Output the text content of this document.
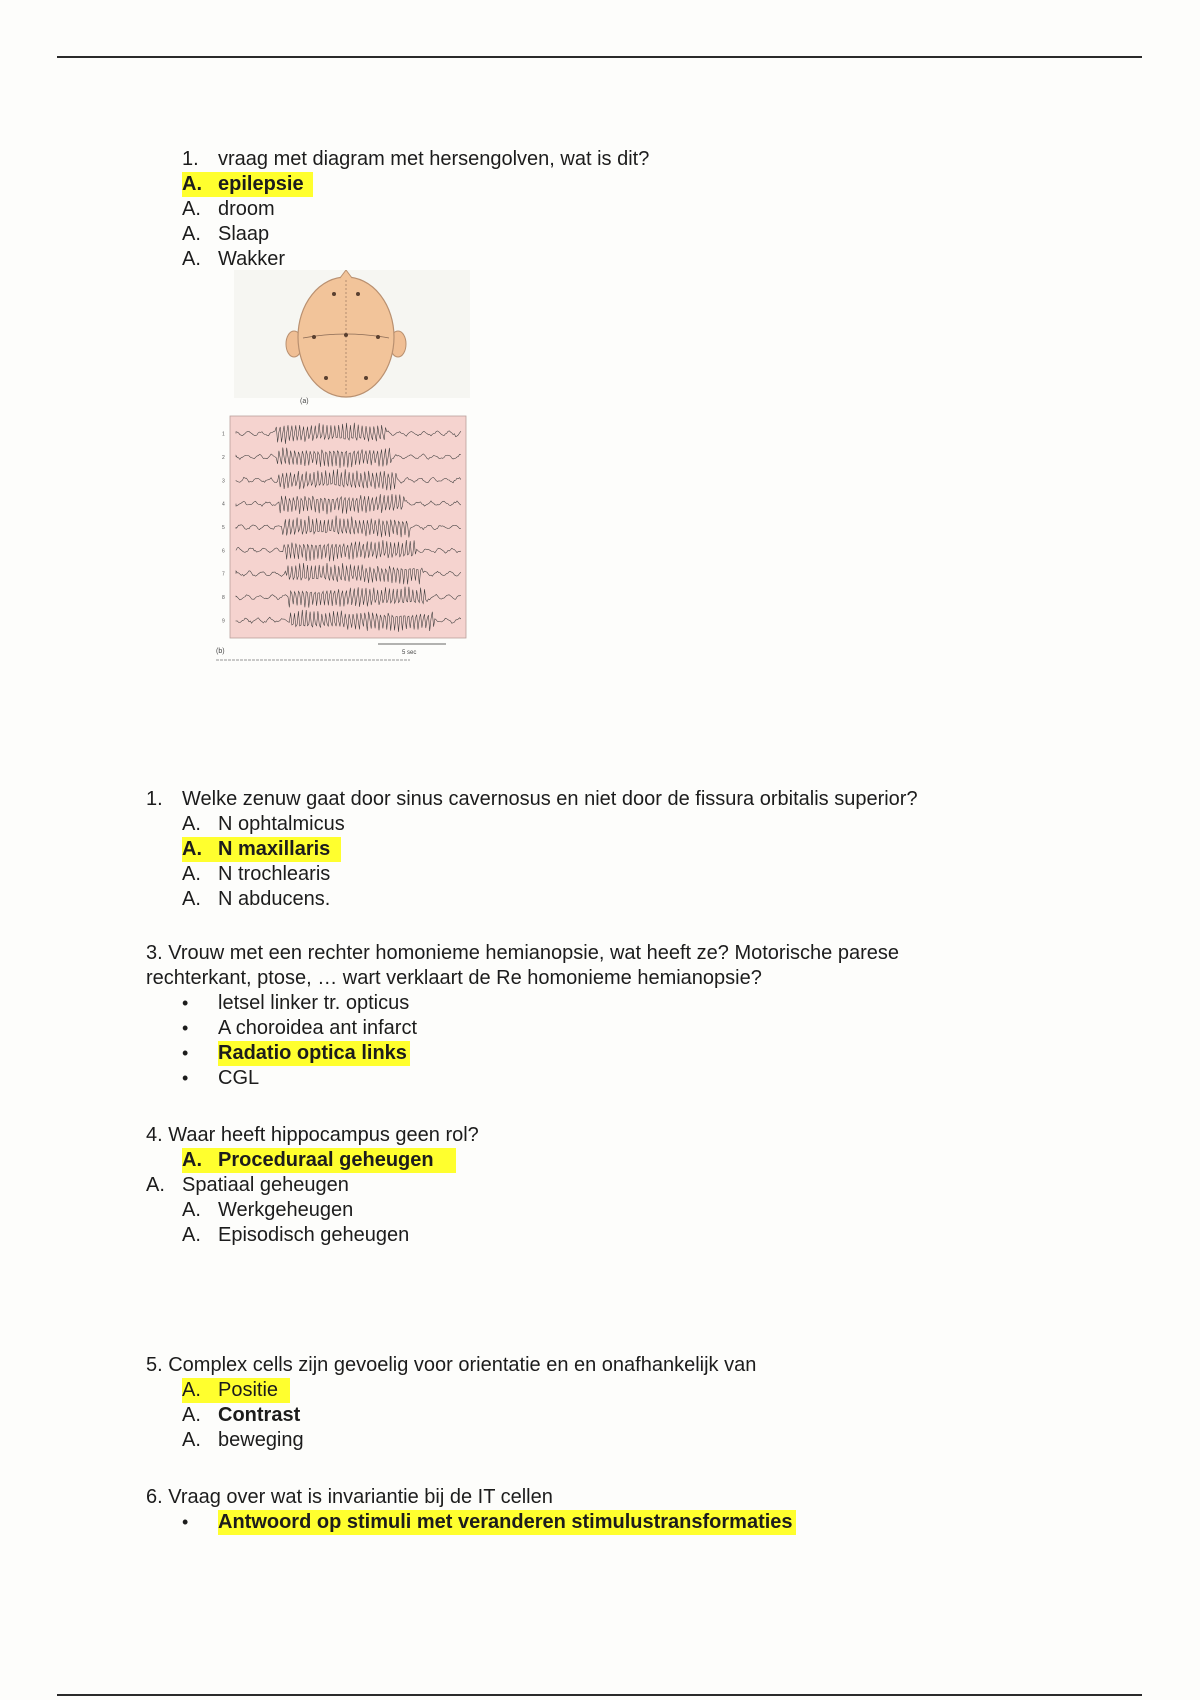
1. vraag met diagram met hersengolven, wat is dit?
A. epilepsie
A. droom
A. Slaap
A. Wakker
(a)
1
2
3
4
5
6
7
8
9
(b)	5 sec
1. Welke zenuw gaat door sinus cavernosus en niet door de fissura orbitalis superior?
A. N ophtalmicus
A. N maxillaris
A. N trochlearis
A. N abducens.
3. Vrouw met een rechter homonieme hemianopsie, wat heeft ze? Motorische parese
rechterkant, ptose, … wart verklaart de Re homonieme hemianopsie?
• letsel linker tr. opticus
• A choroidea ant infarct
• Radatio optica links
• CGL
4. Waar heeft hippocampus geen rol?
A. Proceduraal geheugen
A. Spatiaal geheugen
A. Werkgeheugen
A. Episodisch geheugen
5. Complex cells zijn gevoelig voor orientatie en en onafhankelijk van
A. Positie
A. Contrast
A. beweging
6. Vraag over wat is invariantie bij de IT cellen
• Antwoord op stimuli met veranderen stimulustransformaties
